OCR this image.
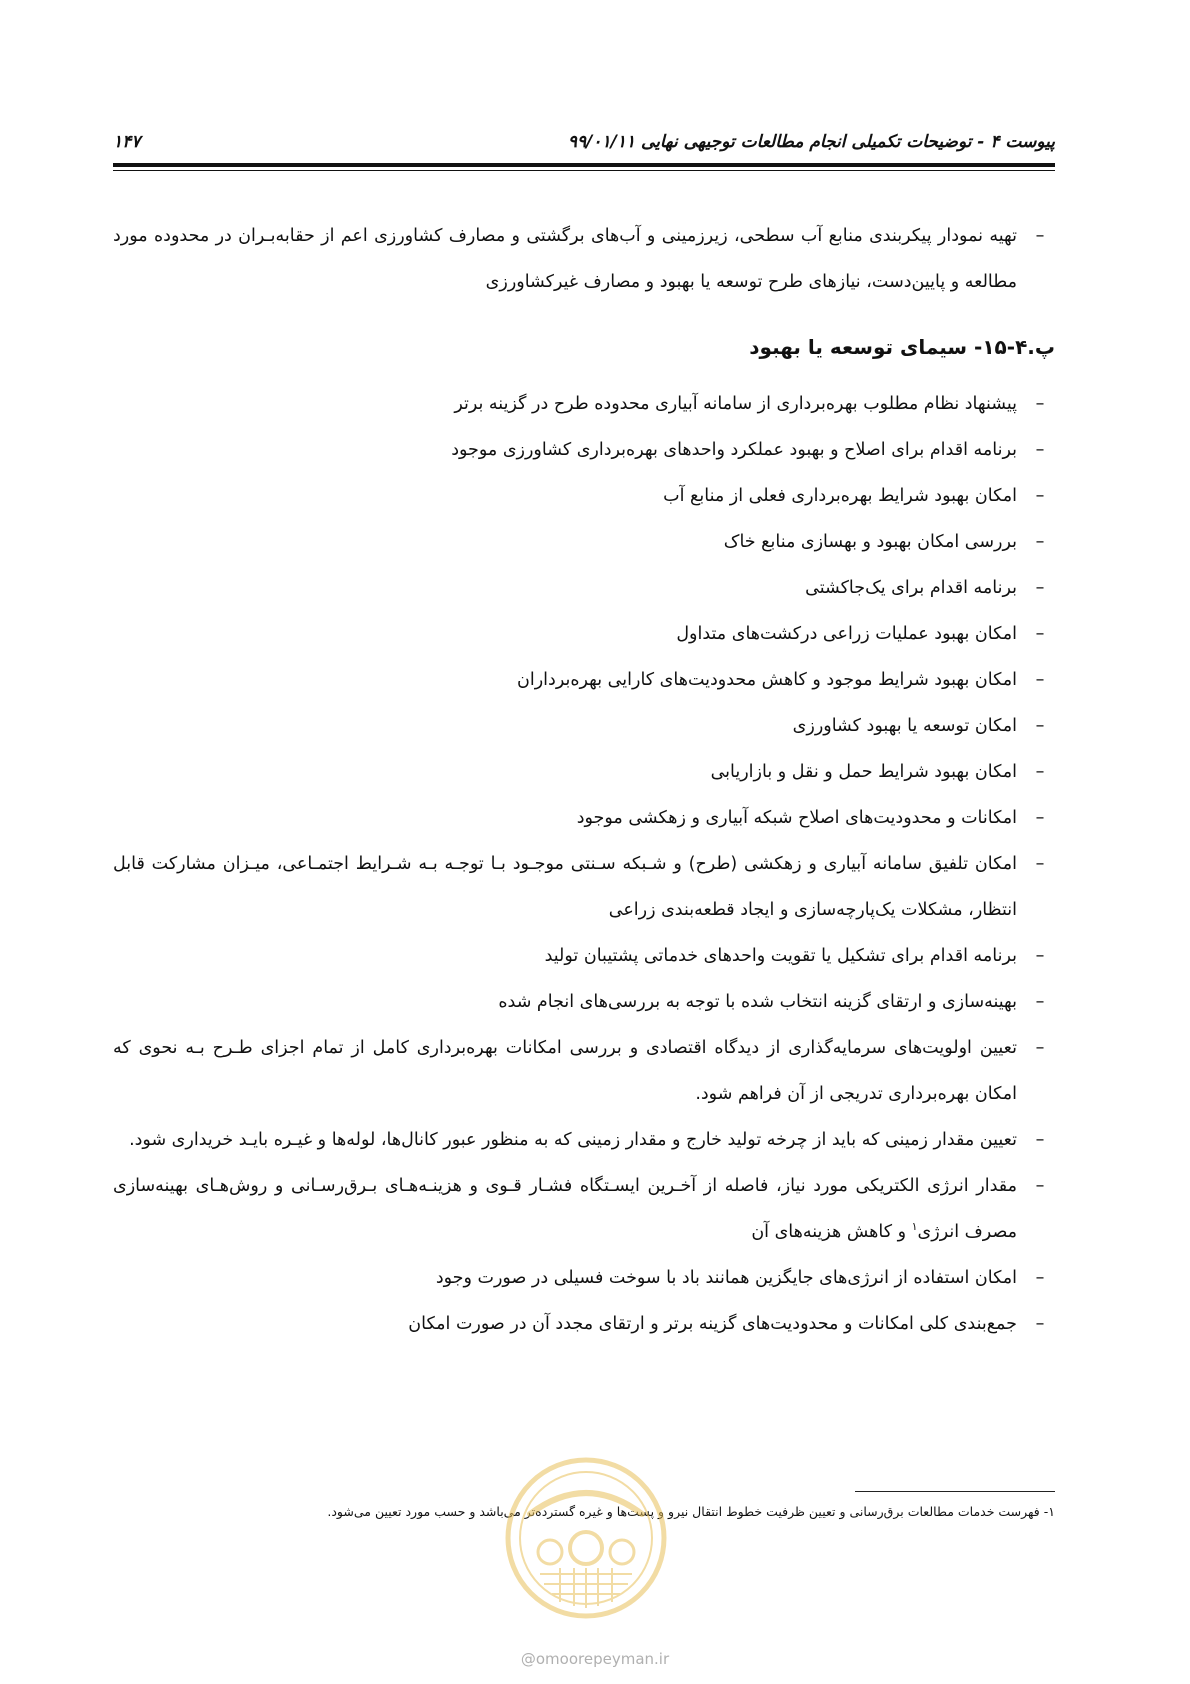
پیوست ۴ - توضیحات تکمیلی انجام مطالعات توجیهی نهایی ۹۹/۰۱/۱۱
۱۴۷

–
تهیه نمودار پیکربندی منابع آب سطحی، زیرزمینی و آب‌های برگشتی و مصارف کشاورزی اعم از حقابه‌بـران در محدوده مورد مطالعه و پایین‌دست، نیازهای طرح توسعه یا بهبود و مصارف غیرکشاورزی

پ.۴-۱۵- سیمای توسعه یا بهبود

–
پیشنهاد نظام مطلوب بهره‌برداری از سامانه آبیاری محدوده طرح در گزینه برتر

–
برنامه اقدام برای اصلاح و بهبود عملکرد واحدهای بهره‌برداری کشاورزی موجود

–
امکان بهبود شرایط بهره‌برداری فعلی از منابع آب

–
بررسی امکان بهبود و بهسازی منابع خاک

–
برنامه اقدام برای یک‌جاکشتی

–
امکان بهبود عملیات زراعی درکشت‌های متداول

–
امکان بهبود شرایط موجود و کاهش محدودیت‌های کارایی بهره‌برداران

–
امکان توسعه یا بهبود کشاورزی

–
امکان بهبود شرایط حمل و نقل و بازاریابی

–
امکانات و محدودیت‌های اصلاح شبکه آبیاری و زهکشی موجود

–
امکان تلفیق سامانه آبیاری و زهکشی (طرح) و شـبکه سـنتی موجـود بـا توجـه بـه شـرایط اجتمـاعی، میـزان مشارکت قابل انتظار، مشکلات یک‌پارچه‌سازی و ایجاد قطعه‌بندی زراعی

–
برنامه اقدام برای تشکیل یا تقویت واحدهای خدماتی پشتیبان تولید

–
بهینه‌سازی و ارتقای گزینه انتخاب شده با توجه به بررسی‌های انجام شده

–
تعیین اولویت‌های سرمایه‌گذاری از دیدگاه اقتصادی و بررسی امکانات بهره‌برداری کامل از تمام اجزای طـرح بـه نحوی که امکان بهره‌برداری تدریجی از آن فراهم شود.

–
تعیین مقدار زمینی که باید از چرخه تولید خارج و مقدار زمینی که به منظور عبور کانال‌ها، لوله‌ها و غیـره بایـد خریداری شود.

–
مقدار انرژی الکتریکی مورد نیاز، فاصله از آخـرین ایسـتگاه فشـار قـوی و هزینـه‌هـای بـرق‌رسـانی و روش‌هـای بهینه‌سازی مصرف انرژی$^۱$ و کاهش هزینه‌های آن

–
امکان استفاده از انرژی‌های جایگزین همانند باد با سوخت فسیلی در صورت وجود

–
جمع‌بندی کلی امکانات و محدودیت‌های گزینه برتر و ارتقای مجدد آن در صورت امکان

۱- فهرست خدمات مطالعات برق‌رسانی و تعیین ظرفیت خطوط انتقال نیرو و پست‌ها و غیره گسترده‌تر می‌باشد و حسب مورد تعیین می‌شود.
@omoorepeyman.ir
